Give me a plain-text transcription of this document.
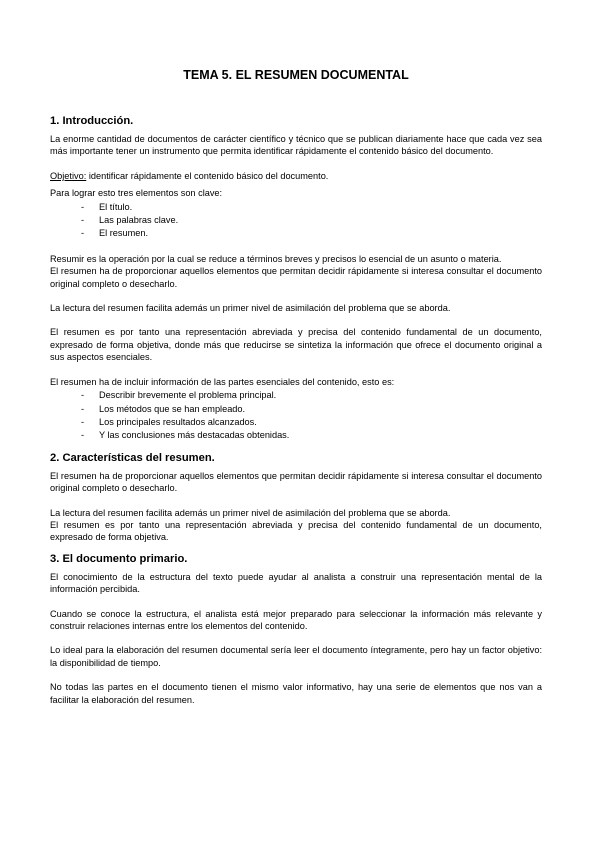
TEMA 5. EL RESUMEN DOCUMENTAL
1. Introducción.

La enorme cantidad de documentos de carácter científico y técnico que se publican diariamente hace que cada vez sea más importante tener un instrumento que permita identificar rápidamente el contenido básico del documento.

Objetivo: identificar rápidamente el contenido básico del documento.

Para lograr esto tres elementos son clave:

- El título.
- Las palabras clave.
- El resumen.

Resumir es la operación por la cual se reduce a términos breves y precisos lo esencial de un asunto o materia.

El resumen ha de proporcionar aquellos elementos que permitan decidir rápidamente si interesa consultar el documento original completo o desecharlo.

La lectura del resumen facilita además un primer nivel de asimilación del problema que se aborda.

El resumen es por tanto una representación abreviada y precisa del contenido fundamental de un documento, expresado de forma objetiva, donde más que reducirse se sintetiza la información que ofrece el documento original a sus aspectos esenciales.

El resumen ha de incluir información de las partes esenciales del contenido, esto es:

- Describir brevemente el problema principal.
- Los métodos que se han empleado.
- Los principales resultados alcanzados.
- Y las conclusiones más destacadas obtenidas.
2. Características del resumen.

El resumen ha de proporcionar aquellos elementos que permitan decidir rápidamente si interesa consultar el documento original completo o desecharlo.

La lectura del resumen facilita además un primer nivel de asimilación del problema que se aborda.

El resumen es por tanto una representación abreviada y precisa del contenido fundamental de un documento, expresado de forma objetiva.

3. El documento primario.

El conocimiento de la estructura del texto puede ayudar al analista a construir una representación mental de la información percibida.

Cuando se conoce la estructura, el analista está mejor preparado para seleccionar la información más relevante y construir relaciones internas entre los elementos del contenido.

Lo ideal para la elaboración del resumen documental sería leer el documento íntegramente, pero hay un factor objetivo: la disponibilidad de tiempo.

No todas las partes en el documento tienen el mismo valor informativo, hay una serie de elementos que nos van a facilitar la elaboración del resumen.
